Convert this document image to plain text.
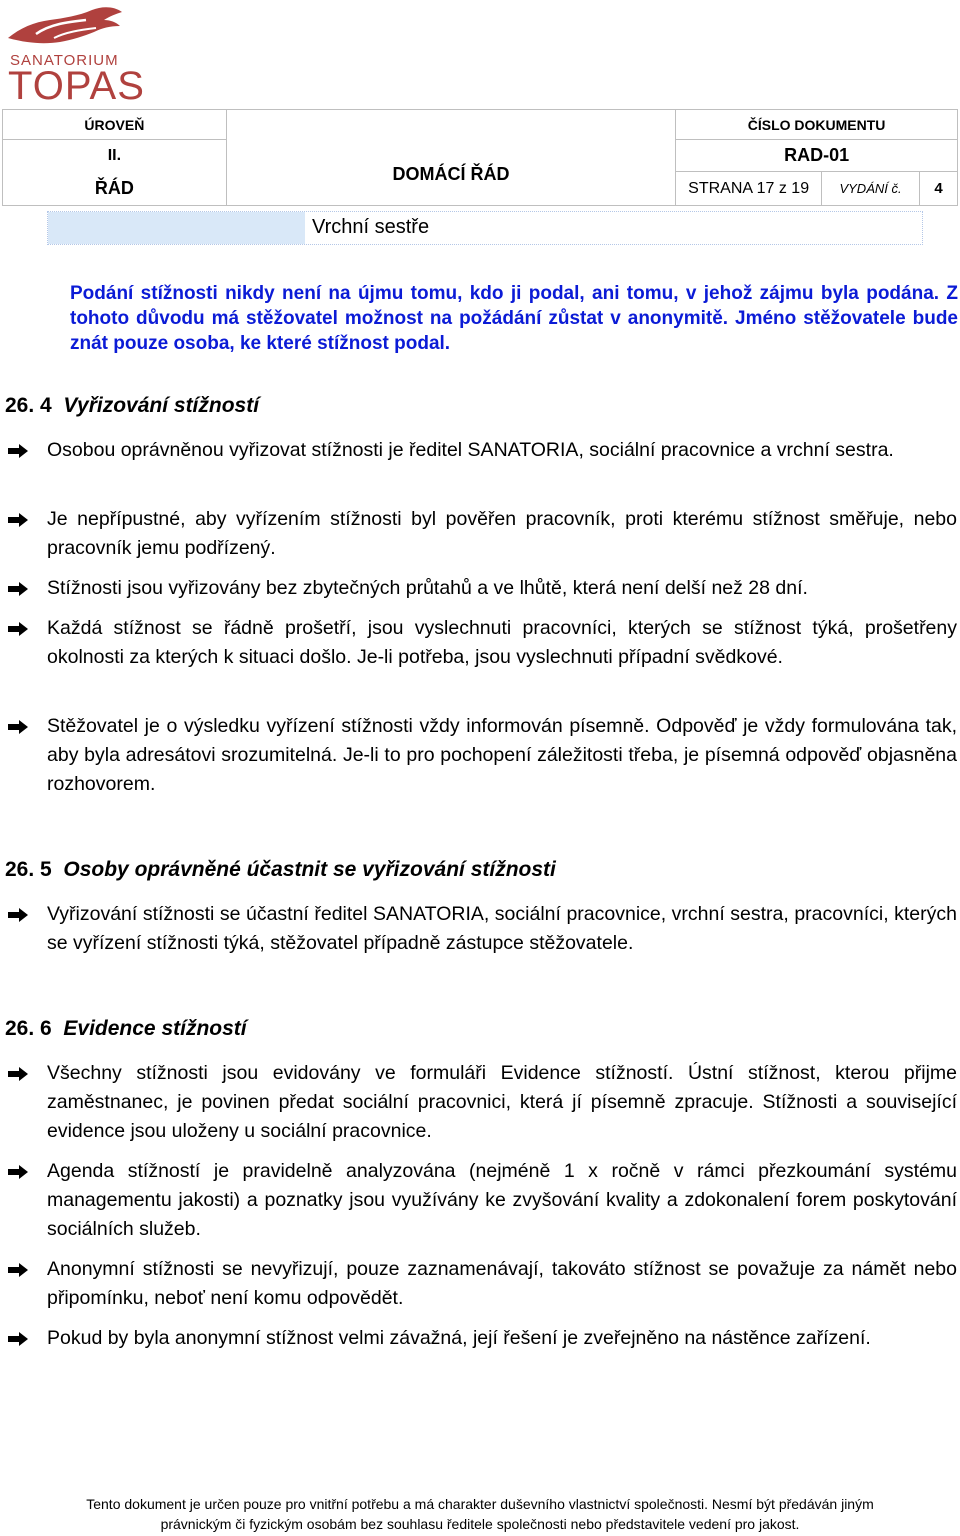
SANATORIUM
TOPAS
ÚROVEŇ	DOMÁCÍ ŘÁD	ČÍSLO DOKUMENTU		
II.		RAD-01		
ŘÁD		STRANA 17 z 19	VYDÁNÍ č.	4
Vrchní sestře
Podání stížnosti nikdy není na újmu tomu, kdo ji podal, ani tomu, v jehož zájmu byla podána. Z tohoto důvodu má stěžovatel možnost na požádání zůstat v anonymitě. Jméno stěžovatele bude znát pouze osoba, ke které stížnost podal.
26. 4 Vyřizování stížností
Osobou oprávněnou vyřizovat stížnosti je ředitel SANATORIA, sociální pracovnice a vrchní sestra.
Je nepřípustné, aby vyřízením stížnosti byl pověřen pracovník, proti kterému stížnost směřuje, nebo pracovník jemu podřízený.
Stížnosti jsou vyřizovány bez zbytečných průtahů a ve lhůtě, která není delší než 28 dní.
Každá stížnost se řádně prošetří, jsou vyslechnuti pracovníci, kterých se stížnost týká, prošetřeny okolnosti za kterých k situaci došlo. Je-li potřeba, jsou vyslechnuti případní svědkové.
Stěžovatel je o výsledku vyřízení stížnosti vždy informován písemně. Odpověď je vždy formulována tak, aby byla adresátovi srozumitelná. Je-li to pro pochopení záležitosti třeba, je písemná odpověď objasněna rozhovorem.
26. 5 Osoby oprávněné účastnit se vyřizování stížnosti
Vyřizování stížnosti se účastní ředitel SANATORIA, sociální pracovnice, vrchní sestra, pracovníci, kterých se vyřízení stížnosti týká, stěžovatel případně zástupce stěžovatele.
26. 6 Evidence stížností
Všechny stížnosti jsou evidovány ve formuláři Evidence stížností. Ústní stížnost, kterou přijme zaměstnanec, je povinen předat sociální pracovnici, která jí písemně zpracuje. Stížnosti a související evidence jsou uloženy u sociální pracovnice.
Agenda stížností je pravidelně analyzována (nejméně 1 x ročně v rámci přezkoumání systému managementu jakosti) a poznatky jsou využívány ke zvyšování kvality a zdokonalení forem poskytování sociálních služeb.
Anonymní stížnosti se nevyřizují, pouze zaznamenávají, takováto stížnost se považuje za námět nebo připomínku, neboť není komu odpovědět.
Pokud by byla anonymní stížnost velmi závažná, její řešení je zveřejněno na nástěnce zařízení.
Tento dokument je určen pouze pro vnitřní potřebu a má charakter duševního vlastnictví společnosti. Nesmí být předáván jiným
právnickým či fyzickým osobám bez souhlasu ředitele společnosti nebo představitele vedení pro jakost.
